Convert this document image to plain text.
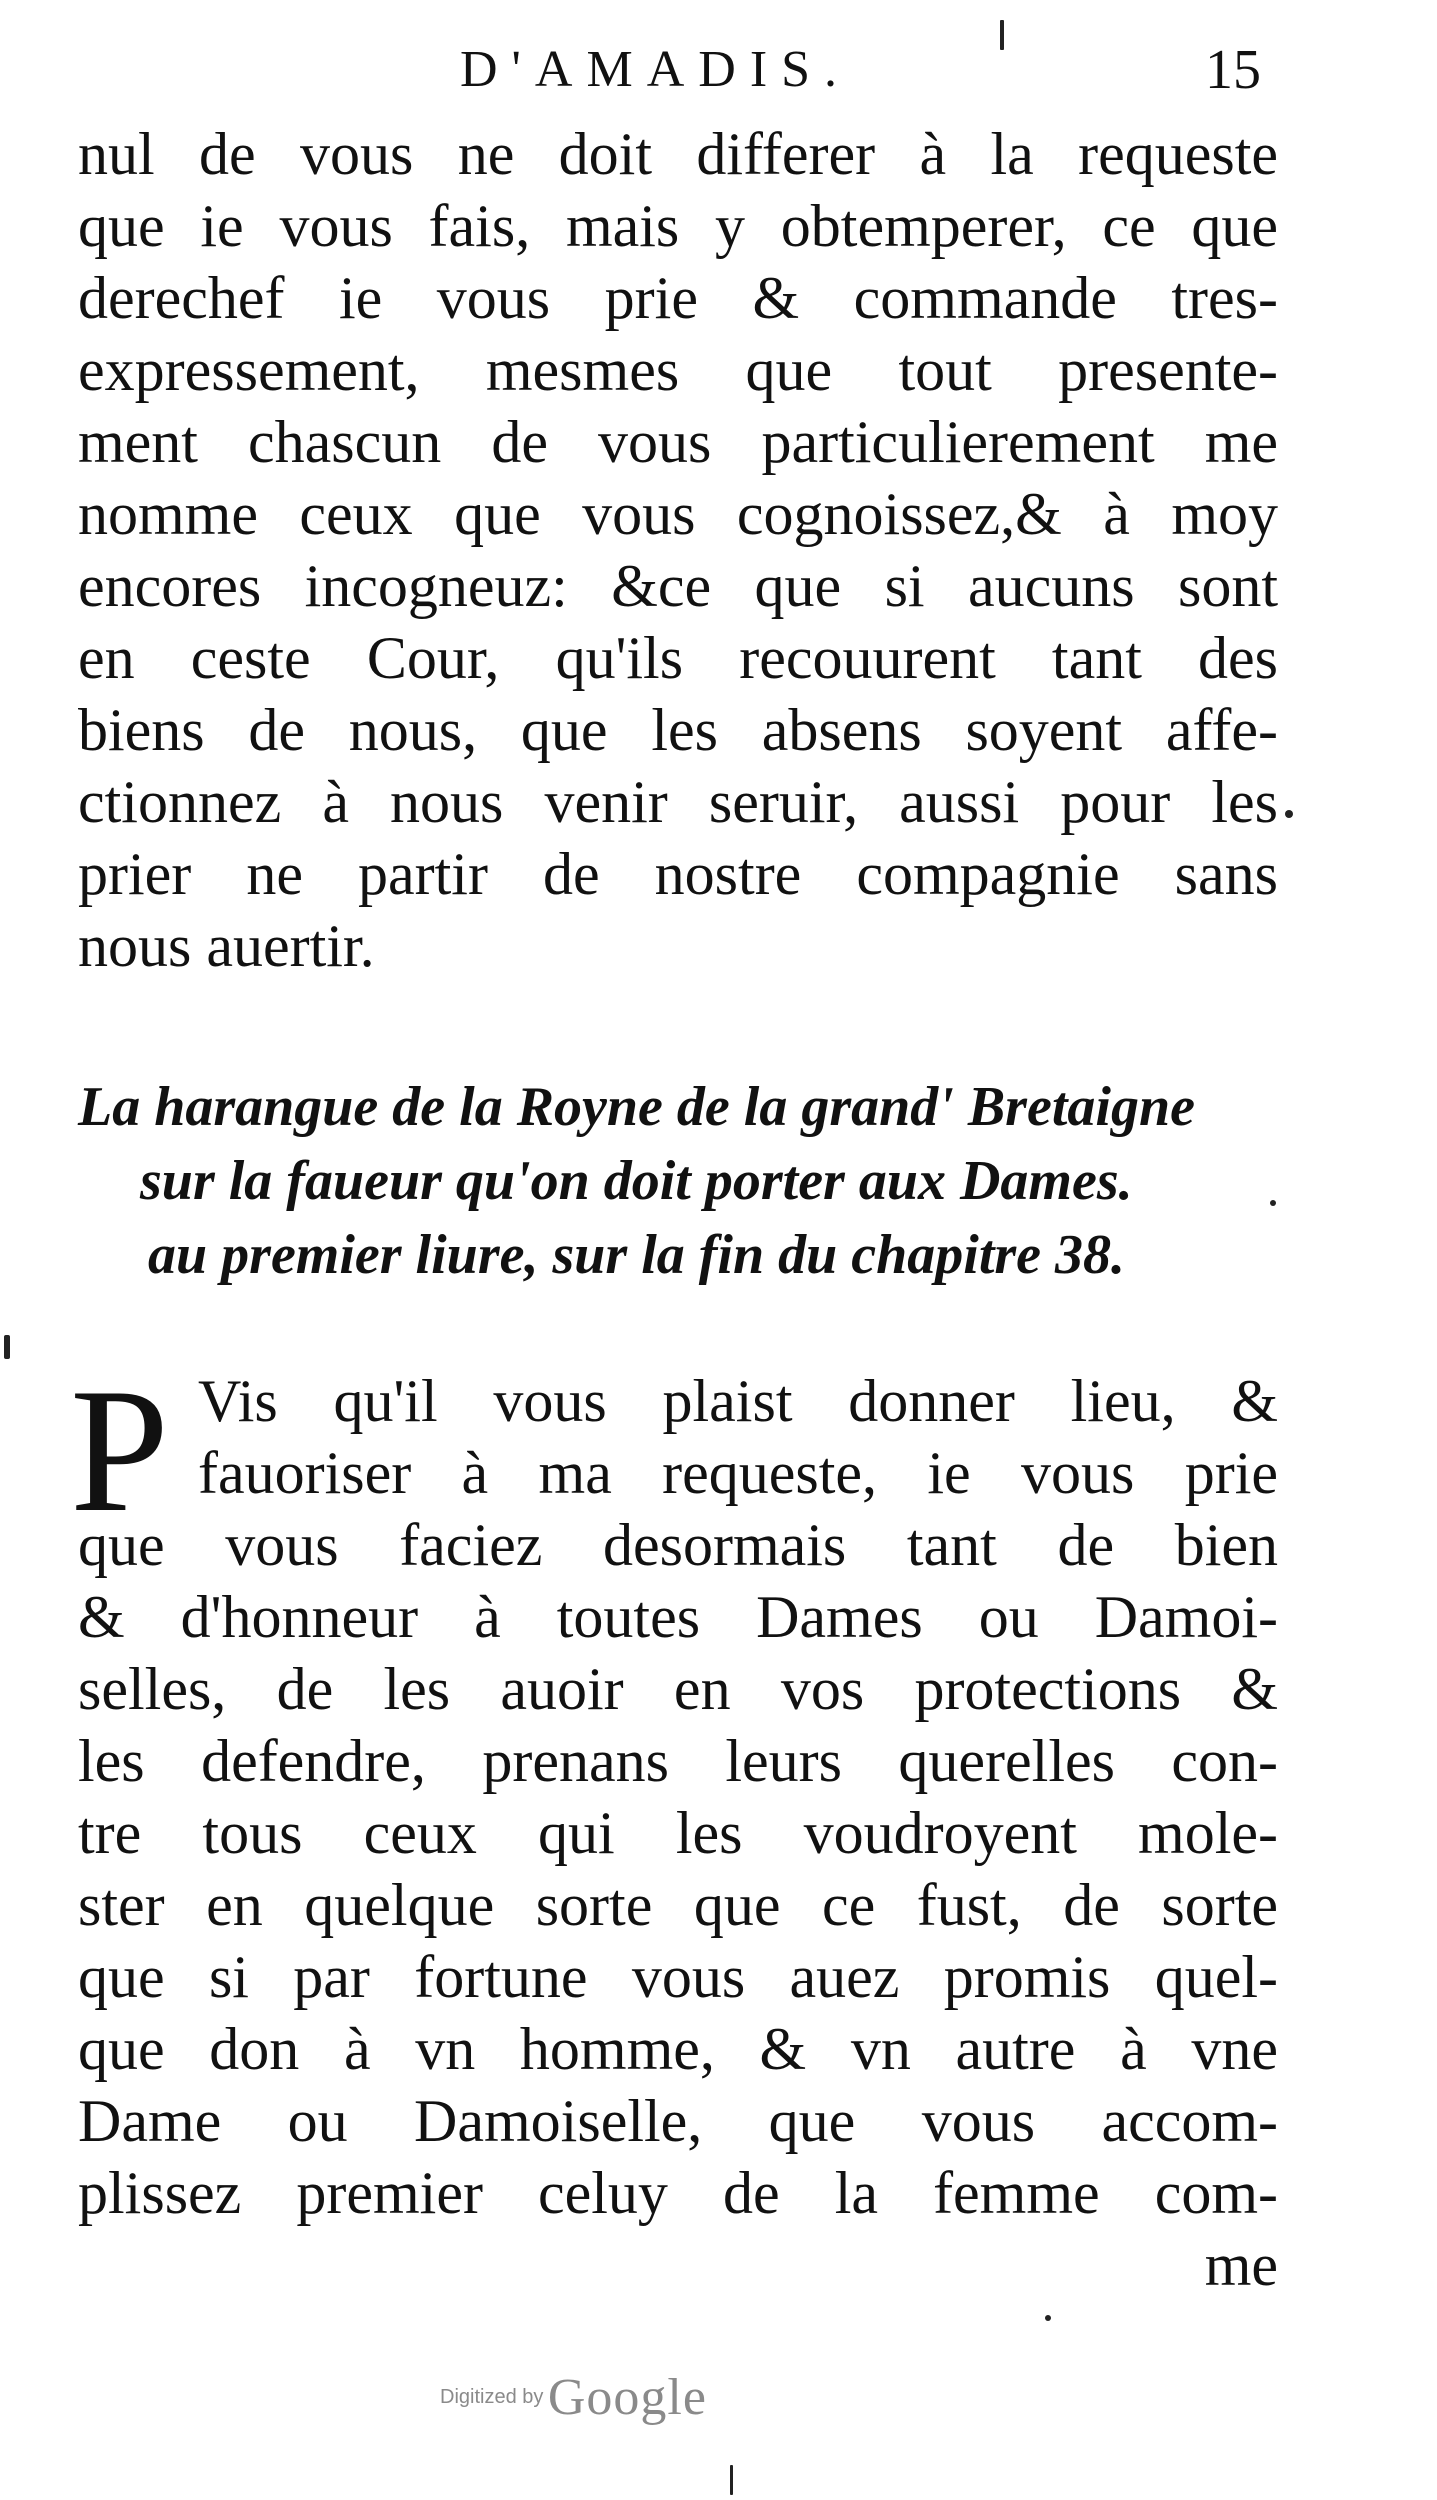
D'AMADIS.	15
nul de vous ne doit differer à la requeste
que ie vous fais, mais y obtemperer, ce que
derechef ie vous prie & commande tres-
expressement, mesmes que tout presente-
ment chascun de vous particulierement me
nomme ceux que vous cognoissez,& à moy
encores incogneuz: &ce que si aucuns sont
en ceste Cour, qu'ils recouurent tant des
biens de nous, que les absens soyent affe-
ctionnez à nous venir seruir, aussi pour les
prier ne partir de nostre compagnie sans
nous auertir.
La harangue de la Royne de la grand' Bretaigne
sur la faueur qu'on doit porter aux Dames.
au premier liure, sur la fin du chapitre 38.
P Vis qu'il vous plaist donner lieu, &
fauoriser à ma requeste, ie vous prie
que vous faciez desormais tant de bien
& d'honneur à toutes Dames ou Damoi-
selles, de les auoir en vos protections &
les defendre, prenans leurs querelles con-
tre tous ceux qui les voudroyent mole-
ster en quelque sorte que ce fust, de sorte
que si par fortune vous auez promis quel-
que don à vn homme, & vn autre à vne
Dame ou Damoiselle, que vous accom-
plissez premier celuy de la femme com-
me
Digitized by Google
